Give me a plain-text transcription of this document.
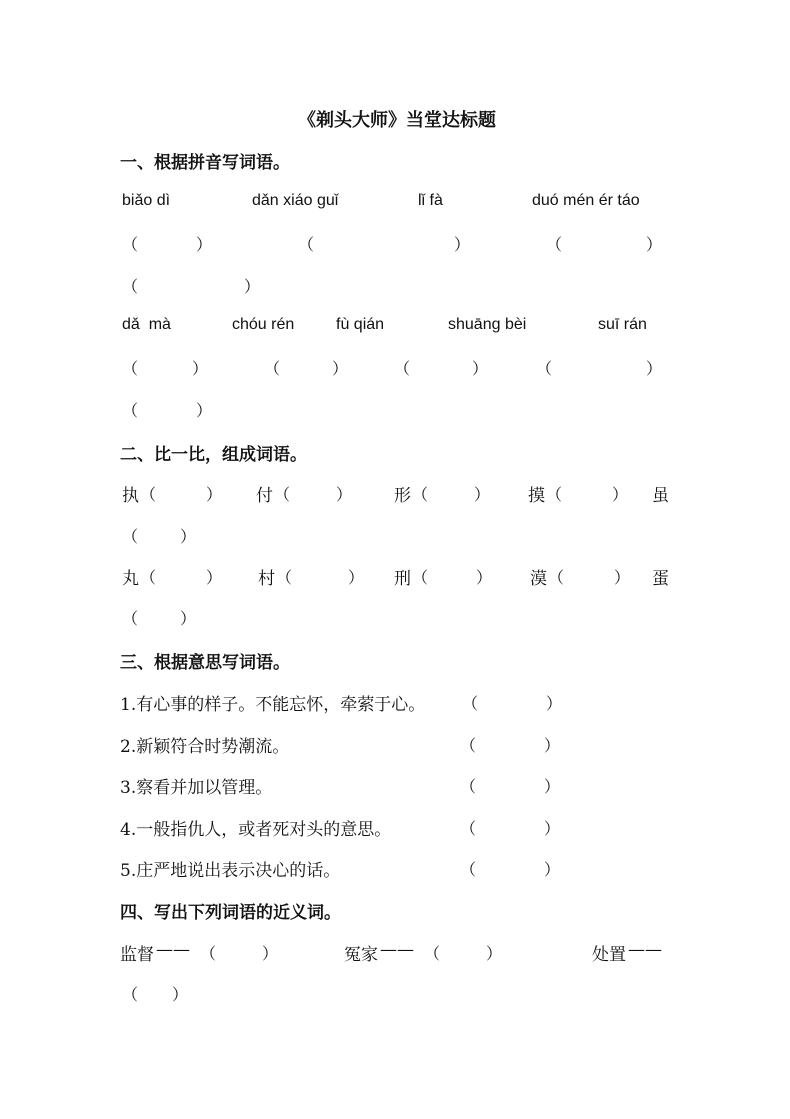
《剃头大师》当堂达标题
一、根据拼音写词语。
biǎo dì	dǎn xiáo guǐ	lǐ fà	duó mén ér táo
（	）	（	）	（	）
（	）
dǎ  mà	chóu rén	fù qián	shuāng bèi	suī rán
（	）	（	）	（	）	（	）
（	）
二、比一比，组成词语。
执 （	） 付 （	） 形 （	） 摸 （	） 虽
（	）
丸 （	） 村 （	） 刑 （	） 漠 （	） 蛋
（	）
三、根据意思写词语。
1.有心事的样子。不能忘怀，牵萦于心。 （	）
2.新颖符合时势潮流。	（	）
3.察看并加以管理。	（	）
4.一般指仇人，或者死对头的意思。	（	）
5.庄严地说出表示决心的话。	（	）
四、写出下列词语的近义词。
监督 —— （	）	冤家 —— （	）	处置 ——
（ ）
